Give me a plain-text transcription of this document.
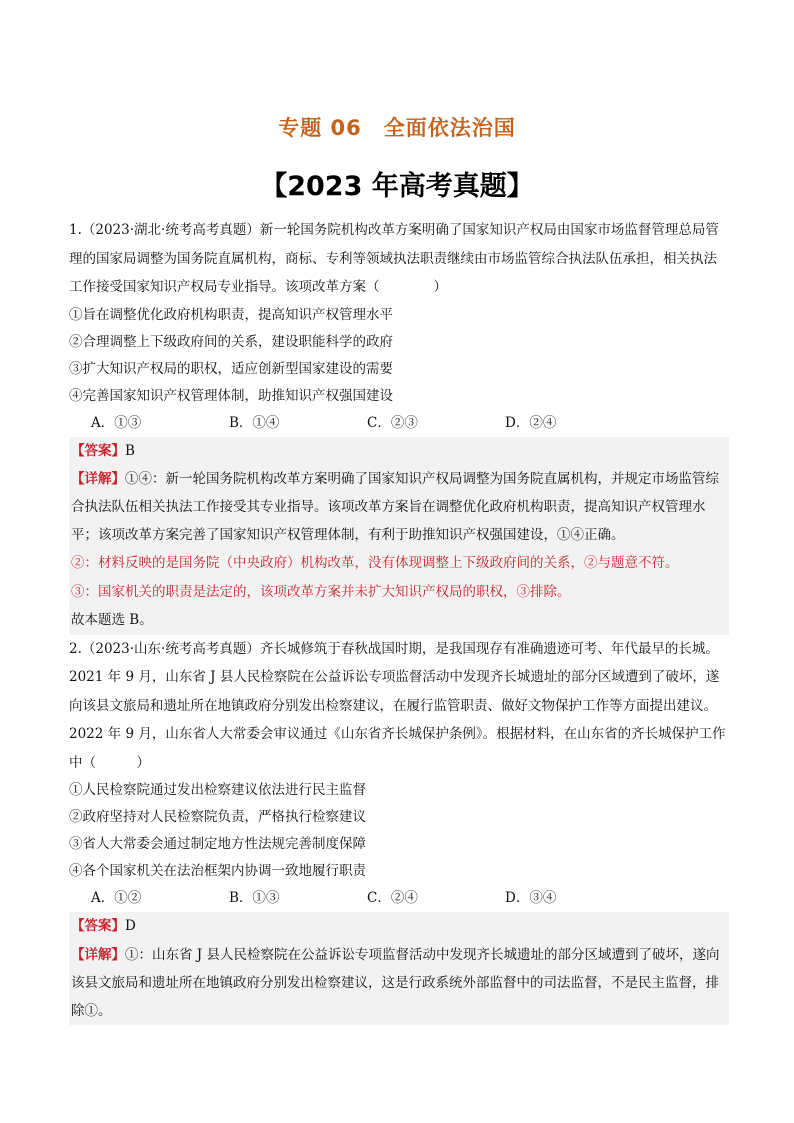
专题 06 全面依法治国
【2023 年高考真题】
1.（2023·湖北·统考高考真题）新一轮国务院机构改革方案明确了国家知识产权局由国家市场监督管理总局管理的国家局调整为国务院直属机构，商标、专利等领域执法职责继续由市场监管综合执法队伍承担，相关执法工作接受国家知识产权局专业指导。该项改革方案（　　　　）
①旨在调整优化政府机构职责，提高知识产权管理水平
②合理调整上下级政府间的关系，建设职能科学的政府
③扩大知识产权局的职权，适应创新型国家建设的需要
④完善国家知识产权管理体制，助推知识产权强国建设
A．①③	B．①④	C．②③	D．②④
【答案】B
【详解】①④：新一轮国务院机构改革方案明确了国家知识产权局调整为国务院直属机构，并规定市场监管综合执法队伍相关执法工作接受其专业指导。该项改革方案旨在调整优化政府机构职责，提高知识产权管理水平；该项改革方案完善了国家知识产权管理体制，有利于助推知识产权强国建设，①④正确。
②：材料反映的是国务院（中央政府）机构改革，没有体现调整上下级政府间的关系，②与题意不符。
③：国家机关的职责是法定的，该项改革方案并未扩大知识产权局的职权，③排除。
故本题选 B。
2.（2023·山东·统考高考真题）齐长城修筑于春秋战国时期，是我国现存有准确遗迹可考、年代最早的长城。2021 年 9 月，山东省 J 县人民检察院在公益诉讼专项监督活动中发现齐长城遗址的部分区域遭到了破坏，遂向该县文旅局和遗址所在地镇政府分别发出检察建议，在履行监管职责、做好文物保护工作等方面提出建议。2022 年 9 月，山东省人大常委会审议通过《山东省齐长城保护条例》。根据材料，在山东省的齐长城保护工作中（　　　）
①人民检察院通过发出检察建议依法进行民主监督
②政府坚持对人民检察院负责，严格执行检察建议
③省人大常委会通过制定地方性法规完善制度保障
④各个国家机关在法治框架内协调一致地履行职责
A．①②	B．①③	C．②④	D．③④
【答案】D
【详解】①：山东省 J 县人民检察院在公益诉讼专项监督活动中发现齐长城遗址的部分区域遭到了破坏，遂向该县文旅局和遗址所在地镇政府分别发出检察建议，这是行政系统外部监督中的司法监督，不是民主监督，排除①。
